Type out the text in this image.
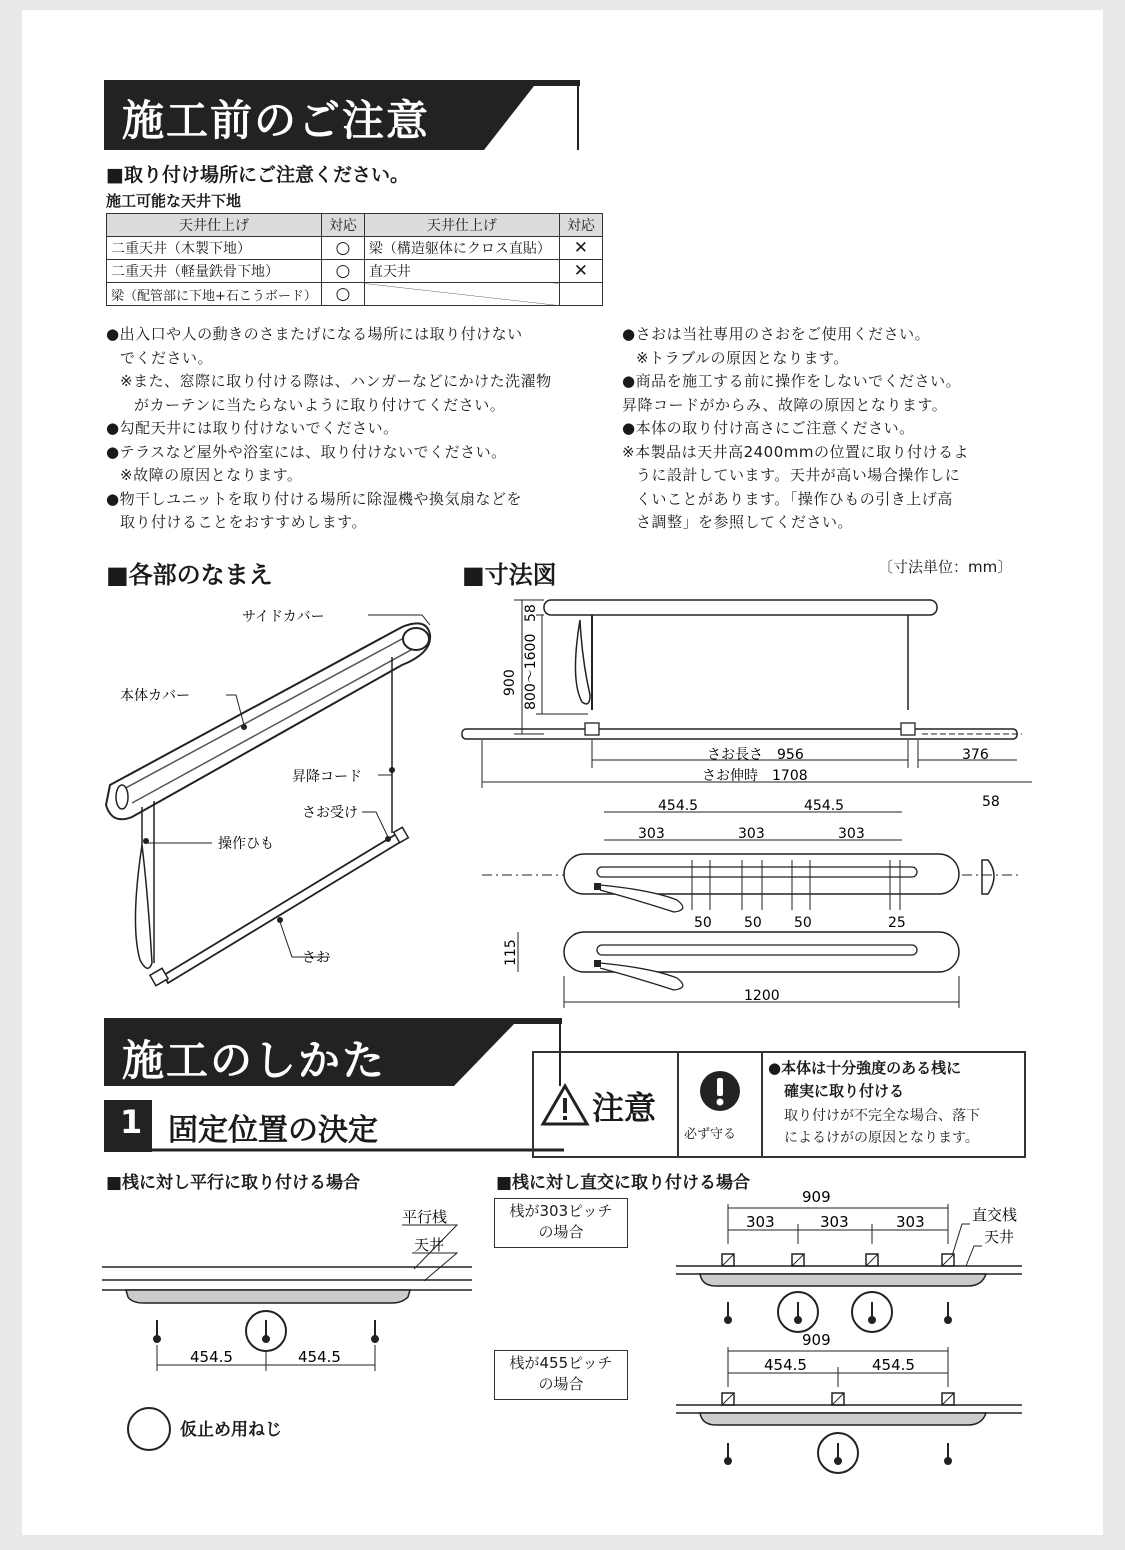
施工前のご注意
■取り付け場所にご注意ください。
施工可能な天井下地
天井仕上げ	対応	天井仕上げ	対応
二重天井（木製下地）	○	梁（構造躯体にクロス直貼）	✕
二重天井（軽量鉄骨下地）	○	直天井	✕
梁（配管部に下地+石こうボード）	○		

●出入口や人の動きのさまたげになる場所には取り付けない

でください。

※また、窓際に取り付ける際は、ハンガーなどにかけた洗濯物

がカーテンに当たらないように取り付けてください。

●勾配天井には取り付けないでください。

●テラスなど屋外や浴室には、取り付けないでください。

※故障の原因となります。

●物干しユニットを取り付ける場所に除湿機や換気扇などを

取り付けることをおすすめします。

●さおは当社専用のさおをご使用ください。

※トラブルの原因となります。

●商品を施工する前に操作をしないでください。

昇降コードがからみ、故障の原因となります。

●本体の取り付け高さにご注意ください。

※本製品は天井高2400mmの位置に取り付けるよ

うに設計しています。天井が高い場合操作しに

くいことがあります。「操作ひもの引き上げ高

さ調整」を参照してください。

■各部のなまえ
サイドカバー
本体カバー
昇降コード
さお受け
操作ひも
さお
■寸法図	〔寸法単位：mm〕
58
900 800～1600
さお長さ　956	376
さお伸時　1708
454.5	454.5
303	303	303
58
50 50 50	25
115
1200
施工のしかた
1 固定位置の決定
注意
必ず守る
●本体は十分強度のある桟に
確実に取り付ける
取り付けが不完全な場合、落下
によるけがの原因となります。
■桟に対し平行に取り付ける場合	■桟に対し直交に取り付ける場合
平行桟
天井
454.5	454.5
仮止め用ねじ
桟が303ピッチ
の場合
909
303	303	303	直交桟
天井
桟が455ピッチ
の場合
909
454.5	454.5
